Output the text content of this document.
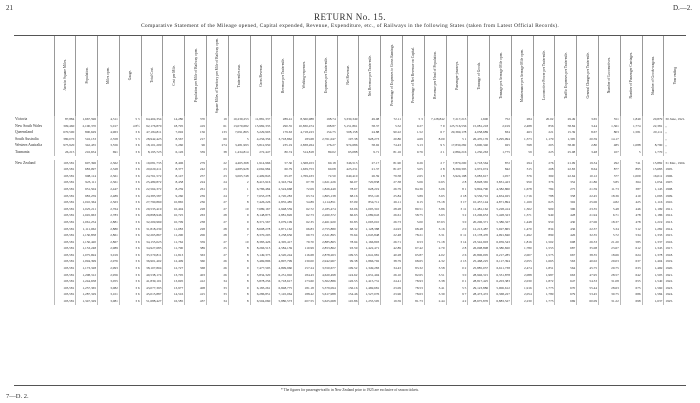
21	D.—2.
RETURN No. 15.
Comparative Statement of the Mileage opened, Capital expended, Revenue, Expenditure, etc., of Railways in the following States (taken from Latest Official Records).
	Area in Square Miles.	Population.	Miles open.	Gauge.	Total Cost.	Cost per Mile.	Population per Mile of Railway open.	Square Miles of Territory per Mile of Railway open.	Train-miles run.	Gross Revenue.	Revenue per Train-mile.	Working-expenses.	Expenses per Train-mile.	Net Revenue.	Net Revenue per Train-mile.	Percentage of Expenses to Gross Earnings.	Percentage of Net Revenue on Capital.	Revenue per Head of Population.	Passenger-journeys.	Tonnage of Goods.	Tonnage per Average Mile open.	Maintenance per Average Mile open.	Locomotive Power per Train-mile.	Traffic Expenses per Train-mile.	General Charges per Train-mile.	Number of Locomotives.	Number of Passenger Carriages.	Number of Goods-wagons.	Year ending
Victoria	87,884	1,667,596	4,511	5 3	64,404,354	14,280	370	19	10,239,253	11,881,337	289.41	8,560,988	198.74	3,330,349	49.08	72.11	5 3	7,128,842	7,217,213	1,600	752	284	20.02	29.49	3.65	551	1,849	20,879	30 June, 1921.
New South Wales	309,460	2,100,370	5,017	4 8½	92,176,870	18,795	419	61	13,070,682	15,982,335	290.35	10,830,474	198.87	5,151,861	58.37	5.52	0.27	7 9	125,716,556	15,081,218	2,919	2,488	856	58.84	3.44	1,361	1,774	22,381	„
Queensland	670,500	800,629	4,963	3 6	47,184,811	7,092	156	133	7,091,865	5,229,903	179.63	4,718,223	154.75	508,158	24.88	90.22	1.52	6 7	29,369,178	4,058,689	834	463	221	15.39	8.67	803	1,581	20,111	„
South Australia	380,070	516,133	2,358	5 3	28,942,423	8,567	217	69	5	4,256,356	3,718,862	183.68	2,761,047	197.38	928,273	20.86	4.69	8.00	5 1	26,470,176	3,295,994	1,373	1,179	1,395	20.59	14.17			„
Western Australia	975,920	342,435	3,556	3 6	18,101,209	5,260	96	274	3,481,993	3,812,950	235.19	2,838,264	176.27	974,686	58.92	74.43	3.13	9 5	17,830,282	3,600,340	925	598	205	58.00	2.80	485	1,088	8,790	„
Tasmania	26,215	216,654	691	3 6	8,195,723	6,126	339	38	1,434,814	272,447	80.74	514,818	89.02	63,088	9.71	81.16	0.76	2 1	2,884,216	1,230,263	1,775	59	225	25.08	3.48	107	5	1,770	„

New Zealand	103,581	607,396	2,362	3 6	19,081,735	8,406	279	22	4,465,368	1,914,966	57.30	1,568,453	60.18	346,513	27.17	81.90	0.26	2 7	7,870,200	2,718,564	872	294	276	21.09	19.34	292	741	15,882	31 Mar., 1904.
	103,581	683,097	2,328	3 6	20,020,211	8,377	242	23	4,685,928	2,062,984	60.79	1,639,753	60.08	423,231	21.37	81.07	3.05	2 8	8,390,395	2,972,074	842	315	208	22.83	8.64	877	895	15,683	1905.
	103,581	908,114	2,361	3 6	24,761,572	8,147	257	23	3,065,748	2,409,843	65.07	1,769,433	72.50	640,410	26.59	79.58	2.65	1 8	3,924,198	3,083,617	1,057	376	369	22.64	10.12	377	1,009	16,011	1906.
	103,581	923,111	2,361	3 6	25,489,872	8,458	224	24	2	8,415,916	2,343,764	67.78	1,621,226	66.07	720,838	27.38	5.06	0.65	2 8	8,828,365	3,831,423	950	376	352	21.86	3.85	364	1,054	1907.
	103,581	931,504	2,447	3 6	22,564,372	8,259	261	23	1	6,786,484	2,524,668	72.09	1,826,449	78.67	628,219	26.79	84.36	3.06	8 1	9,804,790	4,382,860	1,678	784	275	21.59	11.73	387	1,145	1908.
	103,581	983,259	2,489	3 6	24,385,587	9,260	239	24	7	7,653,278	2,720,283	63.74	1,865,138	68.16	855,145	25.84	3.89	3.65	2 18	9,536,716	4,654,025	1,716	788	358	22.45	18.36	410	1,093	1909.
	103,581	1,010,364	2,563	3 6	27,790,860	10,865	236	27	8	7,426,226	2,835,485	54.89	1,114,851	67.09	854,711	26.11	9.15	73.18	3 17	10,457,144	4,871,894	1,169	625	302	25.06	4.82	425	1,116	1910.
	103,581	1,025,211	2,764	3 6	29,533,419	10,404	228	27	10	7,689,167	2,948,559	62.72	2,185,474	63.06	1,005,310	28.28	80.51	3.86	3 11	11,481,162	5,228,414	1,302	909	396	23.35	5.48	446	1,199	1911.
	103,581	1,045,963	2,783	3 6	29,898,946	10,725	263	28	9	8,148,873	2,881,826	62.73	2,260,372	66.63	1,089,643	26.61	58.75	3.63	3 2	13,206,653	5,428,323	1,371	949	428	21.94	6.71	478	1,186	1912.
	103,581	1,061,254	2,881	3 6	32,209,969	10,709	238	27	9	8,371,567	3,079,109	62.35	2,461,920	65.83	1,093,010	26.73	5.00	67.63	3 0	20,206,371	5,386,327	1,448	950	430	27.06	18.37	478	1,219	1913.
	103,581	1,111,062	2,880	3 6	31,818,239	11,083	228	28	9	8,608,278	2,871,162	66.83	2,755,880	68.32	1,128,388	24.93	68.48	3.16	2 0	12,213,487	5,927,865	1,470	834	436	22.37	5.34	512	1,282	1914.
	103,581	1,130,858	2,861	3 6	32,265,867	11,290	206	28	7	8,370,205	3,258,656	69.73	2,321,895	70.64	1,045,848	22.48	78.21	3.31	0 11	13,178,470	4,991,840	1,492	899	426	32.35	5.72	534	1,333	1915.
	103,581	1,150,420	2,867	3 6	34,155,023	11,762	359	27	10	8,383,426	4,305,417	79.70	2,885,865	78.94	1,166,803	26.71	9.53	71.18	3 14	23,542,903	6,959,543	1,816	1,502	608	26.33	21.20	585	1,337	1916.
	103,581	1,153,248	2,989	3 6	34,927,685	11,790	389	25	8	8,266,513	4,584,139	110.99	2,853,862	93.59	1,422,471	42.89	67.42	2.70	2 8	26,098,898	6,380,820	1,780	1,553	687	35.08	23.67	612	1,345	1917.
	103,581	1,075,694	3,019	3 6	35,570,811	11,813	363	27	8	5,149,375	4,520,244	116.68	2,878,263	109.53	1,641,981	40.28	65.87	4.02	2 6	20,806,005	6,217,285	2,007	1,575	667	38.35	18.66	624	1,378	1918.
	103,581	1,094,399	2,976	3 6	36,901,402	12,409	360	26	8	5,469,896	4,807,799	130.00	2,942,967	99.38	1,866,792	38.79	68.65	4.32	2 13	25,468,225	6,117,394	2,055	1,665	563	40.02	29.03	637	1,404	1919.
	103,581	1,173,328	2,993	3 6	38,107,804	12,727	368	26	9	7,477,595	4,899,960	157.24	3,550,677	109.52	1,349,283	34.43	83.32	3.58	0 2	25,885,037	6,611,738	2,474	1,851	564	45.75	29.75	633	1,469	1920.
	103,581	1,208,312	2,956	3 6	40,538,174	13,705	403	26	9	5,834,320	6,251,902	184.43	4,620,498	124.62	1,631,404	26.10	82.65	3.51	3 0	28,946,315	6,331,878	2,088	1,987	663	47.95	28.57	642	1,505	1921.
	103,581	1,244,658	3,055	3 6	41,839,101	13,695	412	34	8	5,878,256	6,718,617	173.60	5,302,886	126.55	1,415,731	24.41	78.93	3.38	0 1	28,817,425	6,203,383	2,030	1,872	647	54.33	31.08	655	1,540	1922.
	103,581	1,257,365	3,082	3 6	43,077,393	13,977	408	33	9	6,183,261	6,848,775	181.18	5,379,094	136.16	1,469,681	23.09	78.53	3.41	5 5	29,123,886	5,906,612	1,916	1,773	670	55.44	28.63	675	1,560	1923.
	103,581	1,287,329	3,101	3 6	45,015,887	14,516	415	33	8	6,286,851	7,145,064	188.42	5,617,988	134.46	1,527,076	23.96	78.63	3.39	9 7	28,473,472	6,368,227	2,054	1,789	679	53.45	30.75	686	1,584	1924.
	103,581	1,347,329	3,081	3 6	51,688,427	16,585	437	34	8	6,504,060	5,880,573	207.55	5,625,068	145.86	1,255,505	19.59	81.73	2.44	4 2	28,675,876	6,883,527	2,230	1,773	669	60.09	31.22	698	1,637	1925.
* The figures for passenger-traffic in New Zealand prior to 1925 are exclusive of season tickets.
7—D. 2.
